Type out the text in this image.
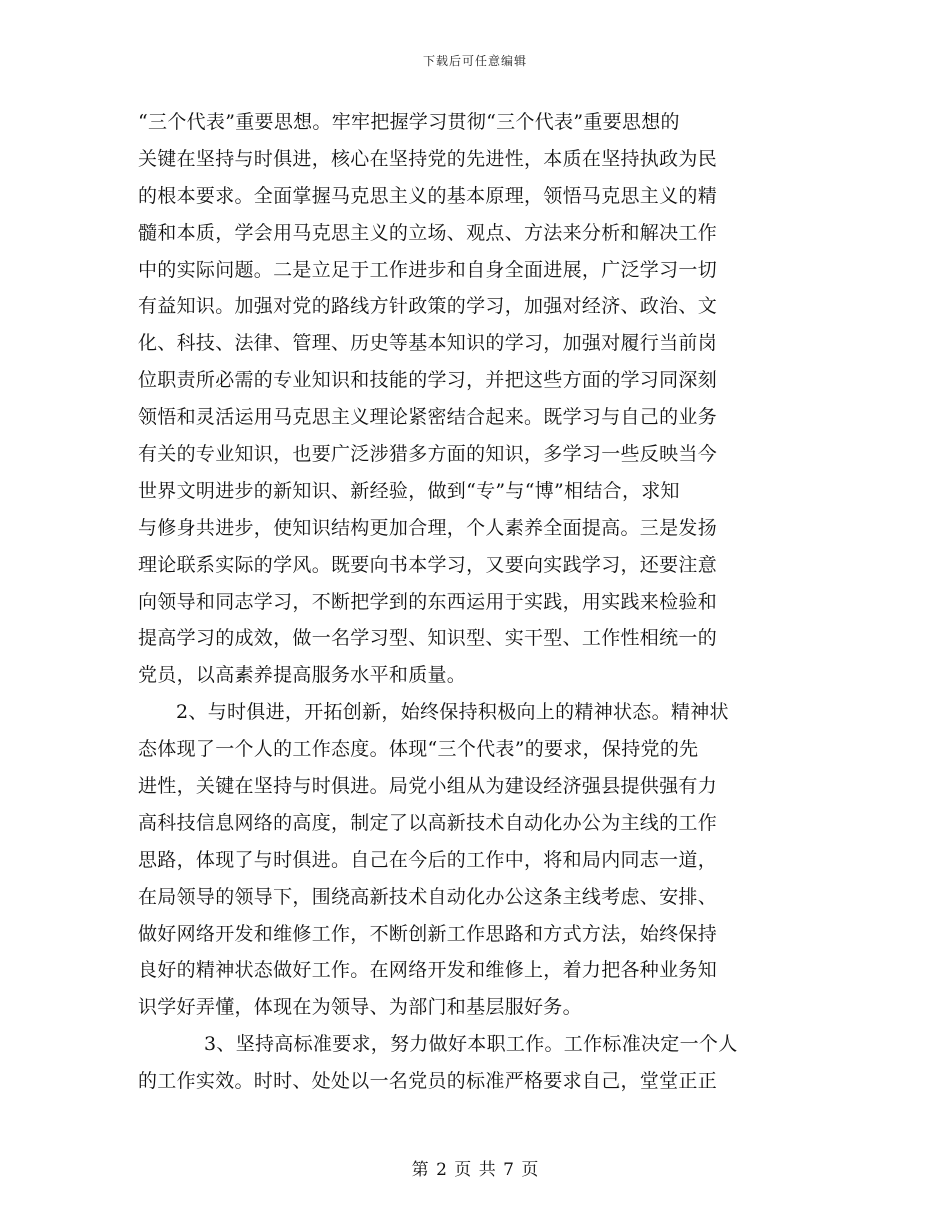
下载后可任意编辑
“三个代表”重要思想。牢牢把握学习贯彻“三个代表”重要思想的
关键在坚持与时俱进，核心在坚持党的先进性，本质在坚持执政为民
的根本要求。全面掌握马克思主义的基本原理，领悟马克思主义的精
髓和本质，学会用马克思主义的立场、观点、方法来分析和解决工作
中的实际问题。二是立足于工作进步和自身全面进展，广泛学习一切
有益知识。加强对党的路线方针政策的学习，加强对经济、政治、文
化、科技、法律、管理、历史等基本知识的学习，加强对履行当前岗
位职责所必需的专业知识和技能的学习，并把这些方面的学习同深刻
领悟和灵活运用马克思主义理论紧密结合起来。既学习与自己的业务
有关的专业知识，也要广泛涉猎多方面的知识，多学习一些反映当今
世界文明进步的新知识、新经验，做到“专”与“博”相结合，求知
与修身共进步，使知识结构更加合理，个人素养全面提高。三是发扬
理论联系实际的学风。既要向书本学习，又要向实践学习，还要注意
向领导和同志学习，不断把学到的东西运用于实践，用实践来检验和
提高学习的成效，做一名学习型、知识型、实干型、工作性相统一的
党员，以高素养提高服务水平和质量。
2、与时俱进，开拓创新，始终保持积极向上的精神状态。精神状
态体现了一个人的工作态度。体现“三个代表”的要求，保持党的先
进性，关键在坚持与时俱进。局党小组从为建设经济强县提供强有力
高科技信息网络的高度，制定了以高新技术自动化办公为主线的工作
思路，体现了与时俱进。自己在今后的工作中，将和局内同志一道，
在局领导的领导下，围绕高新技术自动化办公这条主线考虑、安排、
做好网络开发和维修工作，不断创新工作思路和方式方法，始终保持
良好的精神状态做好工作。在网络开发和维修上，着力把各种业务知
识学好弄懂，体现在为领导、为部门和基层服好务。
3、坚持高标准要求，努力做好本职工作。工作标准决定一个人
的工作实效。时时、处处以一名党员的标准严格要求自己，堂堂正正
第 2 页 共 7 页
